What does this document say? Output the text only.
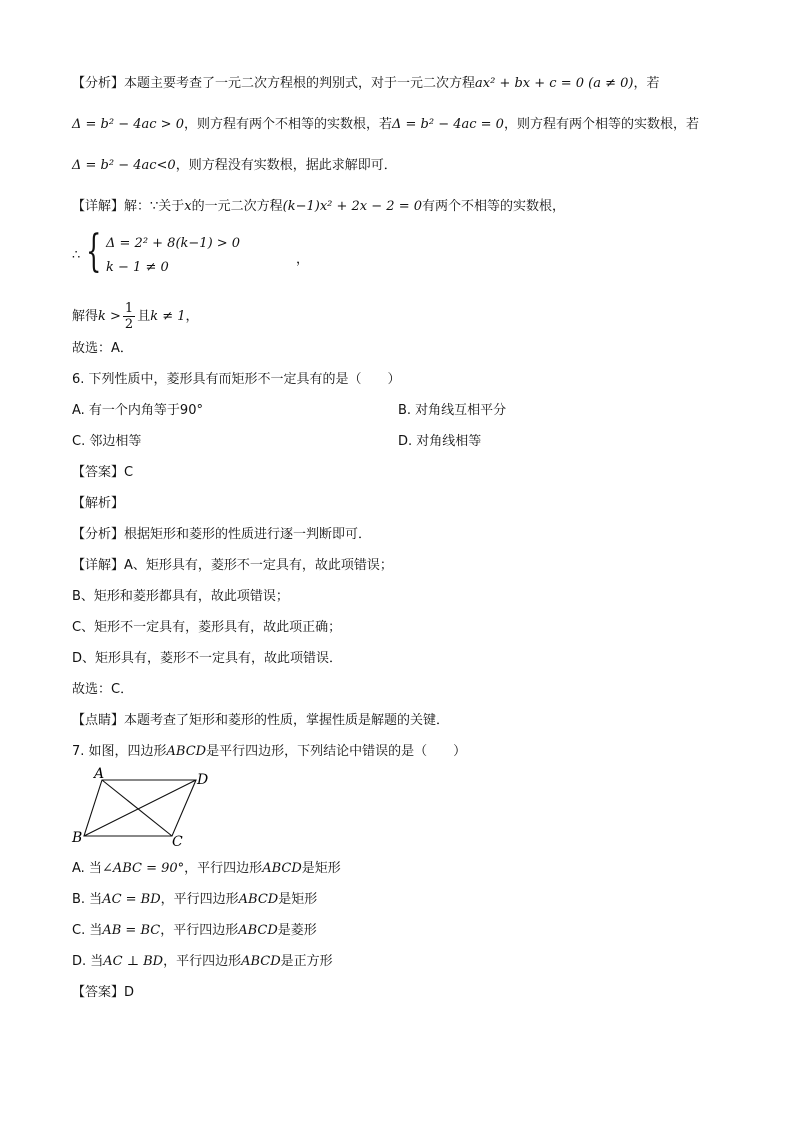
【分析】本题主要考查了一元二次方程根的判别式，对于一元二次方程ax² + bx + c = 0 (a ≠ 0)，若
Δ = b² − 4ac > 0，则方程有两个不相等的实数根，若Δ = b² − 4ac = 0，则方程有两个相等的实数根，若
Δ = b² − 4ac<0，则方程没有实数根，据此求解即可．
【详解】解：∵关于x的一元二次方程(k−1)x² + 2x − 2 = 0有两个不相等的实数根，
∴ { Δ = 2² + 8(k−1) > 0
k − 1 ≠ 0
，
解得$k > \frac{1}{2}$ 且k ≠ 1，
故选：A．
6. 下列性质中，菱形具有而矩形不一定具有的是（　　）
A. 有一个内角等于90°	B. 对角线互相平分
C. 邻边相等	D. 对角线相等
【答案】C
【解析】
【分析】根据矩形和菱形的性质进行逐一判断即可．
【详解】A、矩形具有，菱形不一定具有，故此项错误；
B、矩形和菱形都具有，故此项错误；
C、矩形不一定具有，菱形具有，故此项正确；
D、矩形具有，菱形不一定具有，故此项错误．
故选：C．
【点睛】本题考查了矩形和菱形的性质，掌握性质是解题的关键．
7. 如图，四边形ABCD是平行四边形，下列结论中错误的是（　　）
A	D
B	C
A. 当∠ABC = 90°，平行四边形ABCD是矩形
B. 当AC = BD，平行四边形ABCD是矩形
C. 当AB = BC，平行四边形ABCD是菱形
D. 当AC ⊥ BD，平行四边形ABCD是正方形
【答案】D
